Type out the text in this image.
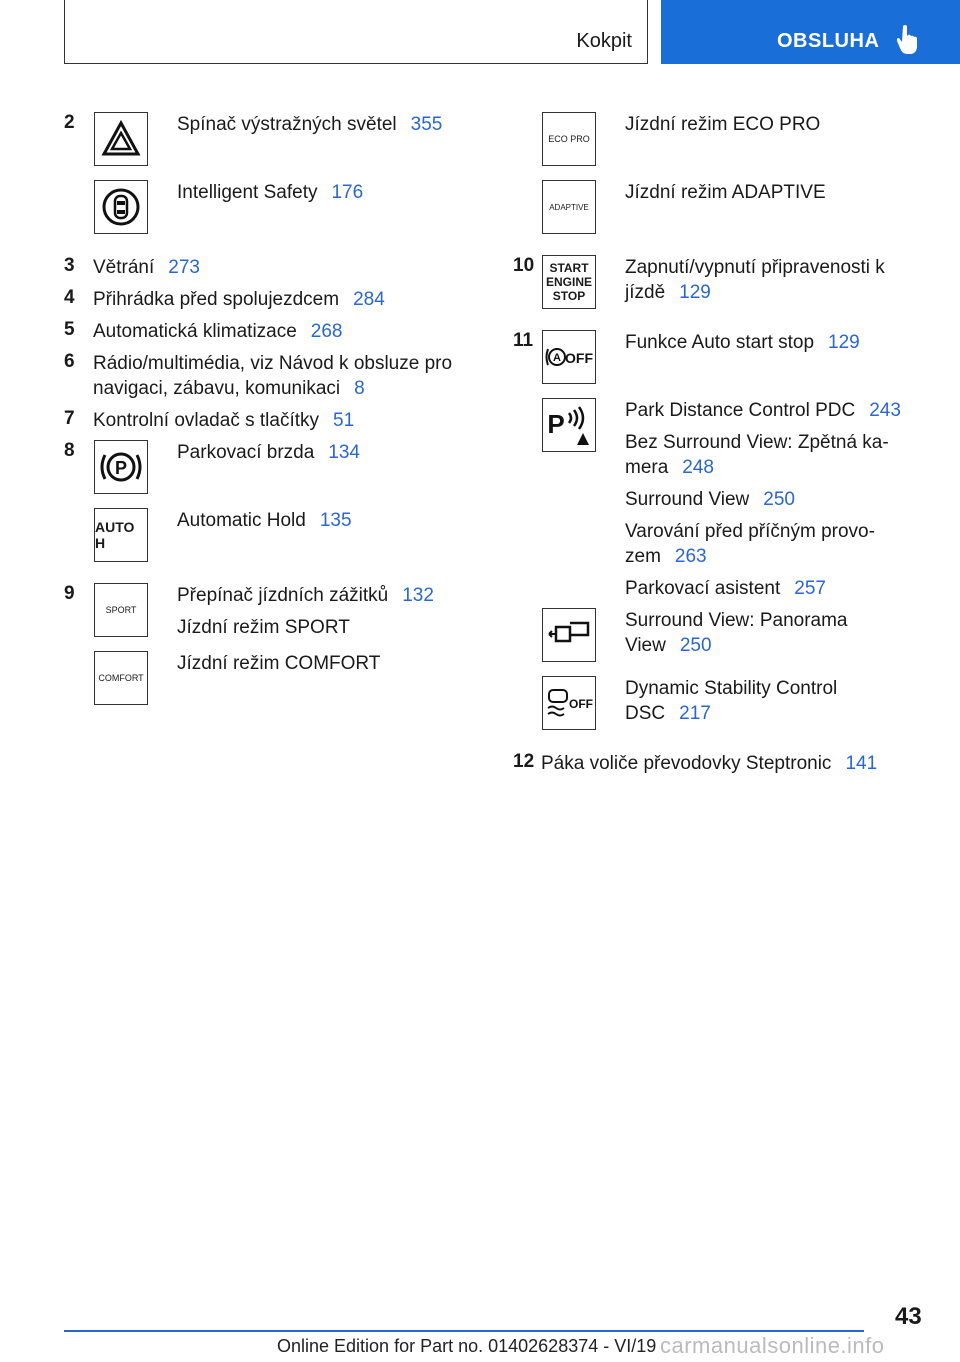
Kokpit	OBSLUHA
2	Spínač výstražných světel 355
Intelligent Safety 176
3 Větrání 273
4 Přihrádka před spolujezdcem 284
5 Automatická klimatizace 268
6 Rádio/multimédia, viz Návod k obsluze pro
navigaci, zábavu, komunikaci 8
7 Kontrolní ovladač s tlačítky 51
8
P
Parkovací brzda 134
AUTO H
Automatic Hold 135
9
SPORT
Přepínač jízdních zážitků 132
Jízdní režim SPORT
COMFORT
Jízdní režim COMFORT
ECO PRO
Jízdní režim ECO PRO
ADAPTIVE
Jízdní režim ADAPTIVE
10 START
ENGINE
STOP
Zapnutí/vypnutí připravenosti k
jízdě 129
11
A OFF
Funkce Auto start stop 129
P	Park Distance Control PDC 243
Bez Surround View: Zpětná ka-
mera 248
Surround View 250
Varování před příčným provo-
zem 263
Parkovací asistent 257
Surround View: Panorama
View 250
OFF
Dynamic Stability Control
DSC 217
12 Páka voliče převodovky Steptronic 141
43
Online Edition for Part no. 01402628374 - VI/19 carmanualsonline.info
